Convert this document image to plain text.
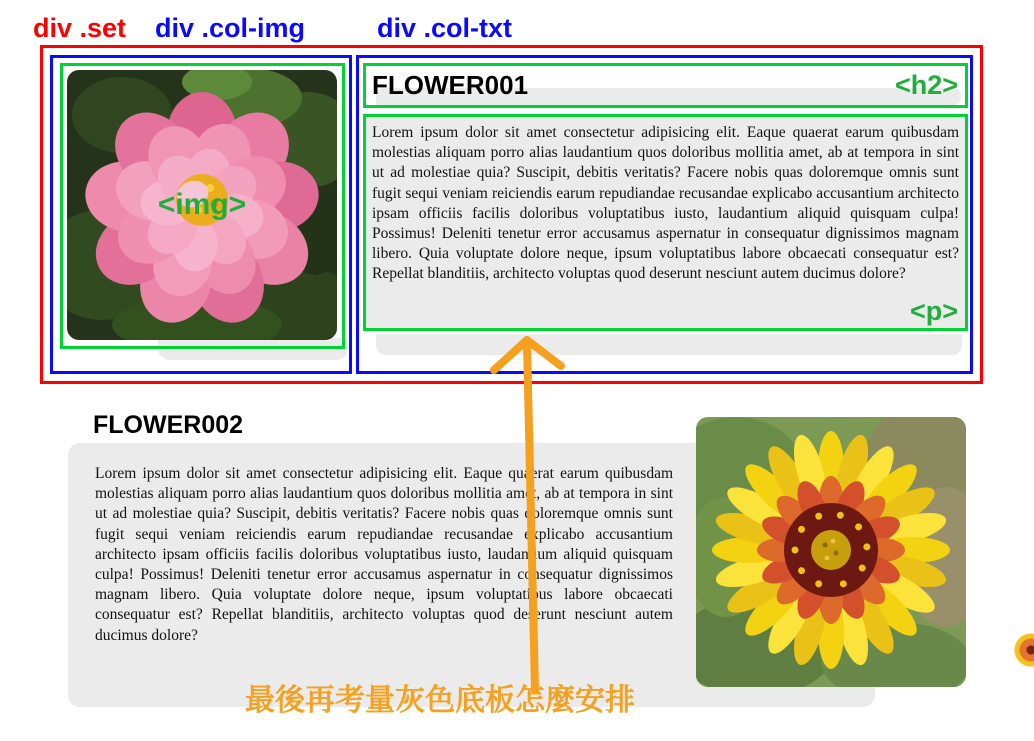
div .set div .col-img	div .col-txt
<img>
FLOWER001	<h2>
Lorem ipsum dolor sit amet consectetur adipisicing elit. Eaque quaerat earum quibusdam molestias aliquam porro alias laudantium quos doloribus mollitia amet, ab at tempora in sint ut ad molestiae quia? Suscipit, debitis veritatis? Facere nobis quas doloremque omnis sunt fugit sequi veniam reiciendis earum repudiandae recusandae explicabo accusantium architecto ipsam officiis facilis doloribus voluptatibus iusto, laudantium aliquid quisquam culpa! Possimus! Deleniti tenetur error accusamus aspernatur in consequatur dignissimos magnam libero. Quia voluptate dolore neque, ipsum voluptatibus labore obcaecati consequatur est? Repellat blanditiis, architecto voluptas quod deserunt nesciunt autem ducimus dolore?
<p>
FLOWER002
Lorem ipsum dolor sit amet consectetur adipisicing elit. Eaque quaerat earum quibusdam molestias aliquam porro alias laudantium quos doloribus mollitia amet, ab at tempora in sint ut ad molestiae quia? Suscipit, debitis veritatis? Facere nobis quas doloremque omnis sunt fugit sequi veniam reiciendis earum repudiandae recusandae explicabo accusantium architecto ipsam officiis facilis doloribus voluptatibus iusto, laudantium aliquid quisquam culpa! Possimus! Deleniti tenetur error accusamus aspernatur in consequatur dignissimos magnam libero. Quia voluptate dolore neque, ipsum voluptatibus labore obcaecati consequatur est? Repellat blanditiis, architecto voluptas quod deserunt nesciunt autem ducimus dolore?
最後再考量灰色底板怎麼安排
